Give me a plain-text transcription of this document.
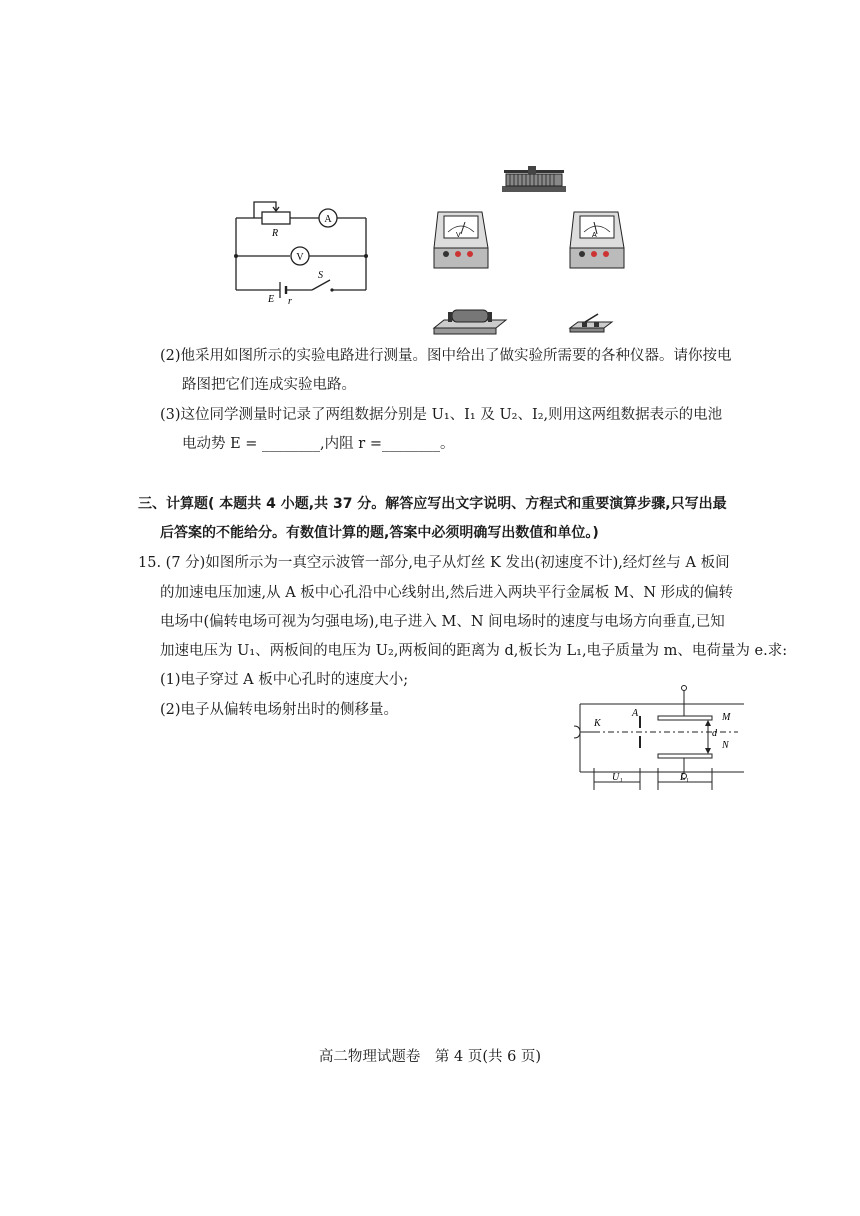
A
V
R
S
E r
V	A
(2)他采用如图所示的实验电路进行测量。图中给出了做实验所需要的各种仪器。请你按电
路图把它们连成实验电路。
(3)这位同学测量时记录了两组数据分别是 U₁、I₁ 及 U₂、I₂,则用这两组数据表示的电池
电动势 E = ________,内阻 r =________。
三、计算题( 本题共 4 小题,共 37 分。解答应写出文字说明、方程式和重要演算步骤,只写出最
后答案的不能给分。有数值计算的题,答案中必须明确写出数值和单位。)
15. (7 分)如图所示为一真空示波管一部分,电子从灯丝 K 发出(初速度不计),经灯丝与 A 板间
的加速电压加速,从 A 板中心孔沿中心线射出,然后进入两块平行金属板 M、N 形成的偏转
电场中(偏转电场可视为匀强电场),电子进入 M、N 间电场时的速度与电场方向垂直,已知
加速电压为 U₁、两板间的电压为 U₂,两板间的距离为 d,板长为 L₁,电子质量为 m、电荷量为 e.求:
(1)电子穿过 A 板中心孔时的速度大小;
(2)电子从偏转电场射出时的侧移量。
K
A	M
N
d
U₁	L₁
高二物理试题卷　第 4 页(共 6 页)
